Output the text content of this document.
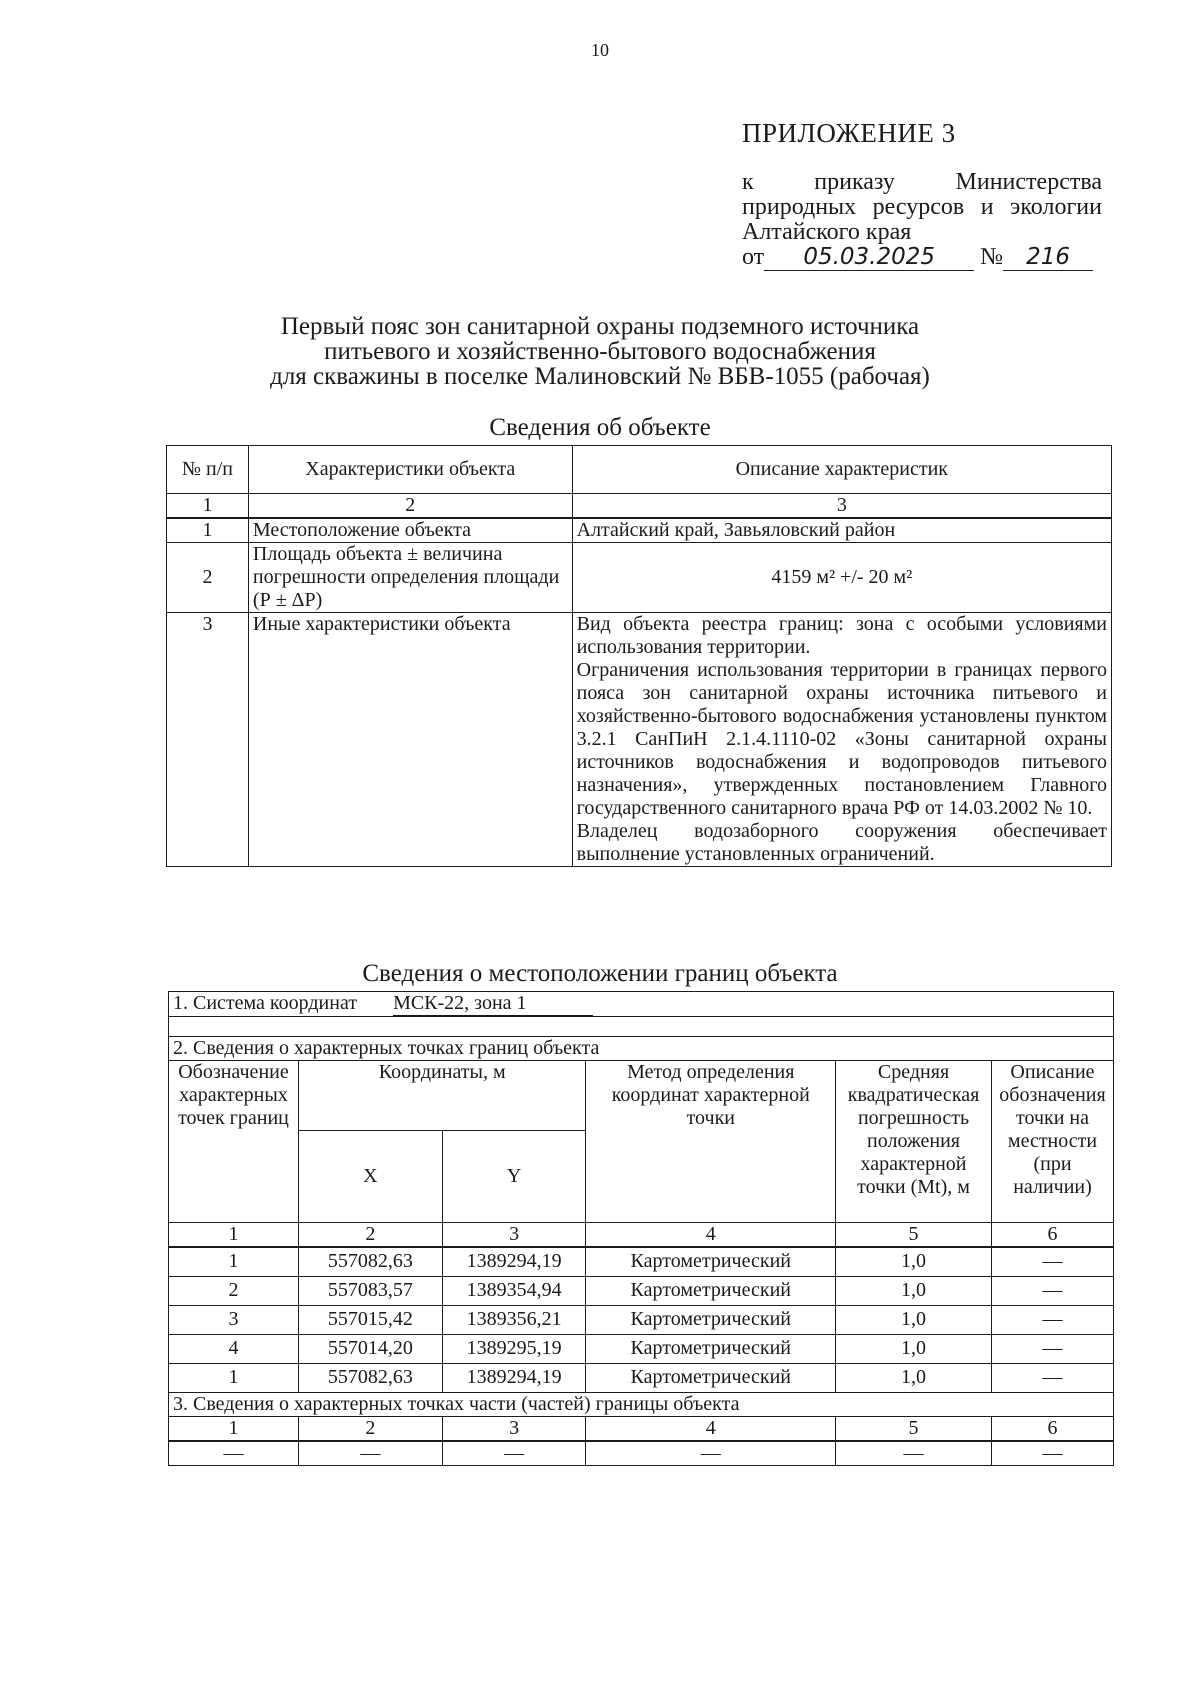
10
ПРИЛОЖЕНИЕ 3
к приказу Министерства природных ресурсов и экологии Алтайского края
от 05.03.2025 № 216
Первый пояс зон санитарной охраны подземного источника
питьевого и хозяйственно-бытового водоснабжения
для скважины в поселке Малиновский № ВБВ-1055 (рабочая)
Сведения об объекте
№ п/п	Характеристики объекта	Описание характеристик
1	2	3
1	Местоположение объекта	Алтайский край, Завьяловский район
2	Площадь объекта ± величина погрешности определения площади (Р ± ΔР)	4159 м² +/- 20 м²
3	Иные характеристики объекта	Вид объекта реестра границ: зона с особыми условиями использования территории.
Ограничения использования территории в границах первого пояса зон санитарной охраны источника питьевого и хозяйственно-бытового водоснабжения установлены пунктом 3.2.1 СанПиН 2.1.4.1110-02 «Зоны санитарной охраны источников водоснабжения и водопроводов питьевого назначения», утвержденных постановлением Главного государственного санитарного врача РФ от 14.03.2002 № 10.
Владелец водозаборного сооружения обеспечивает выполнение установленных ограничений.
Сведения о местоположении границ объекта
1. Система координат МСК-22, зона 1					

2. Сведения о характерных точках границ объекта					
Обозначение характерных точек границ	Координаты, м		Метод определения координат характерной точки	Средняя квадратическая погрешность положения характерной точки (Mt), м	Описание обозначения точки на местности (при наличии)
	X	Y			
1	2	3	4	5	6
1	557082,63	1389294,19	Картометрический	1,0	—
2	557083,57	1389354,94	Картометрический	1,0	—
3	557015,42	1389356,21	Картометрический	1,0	—
4	557014,20	1389295,19	Картометрический	1,0	—
1	557082,63	1389294,19	Картометрический	1,0	—
3. Сведения о характерных точках части (частей) границы объекта					
1	2	3	4	5	6
—	—	—	—	—	—
